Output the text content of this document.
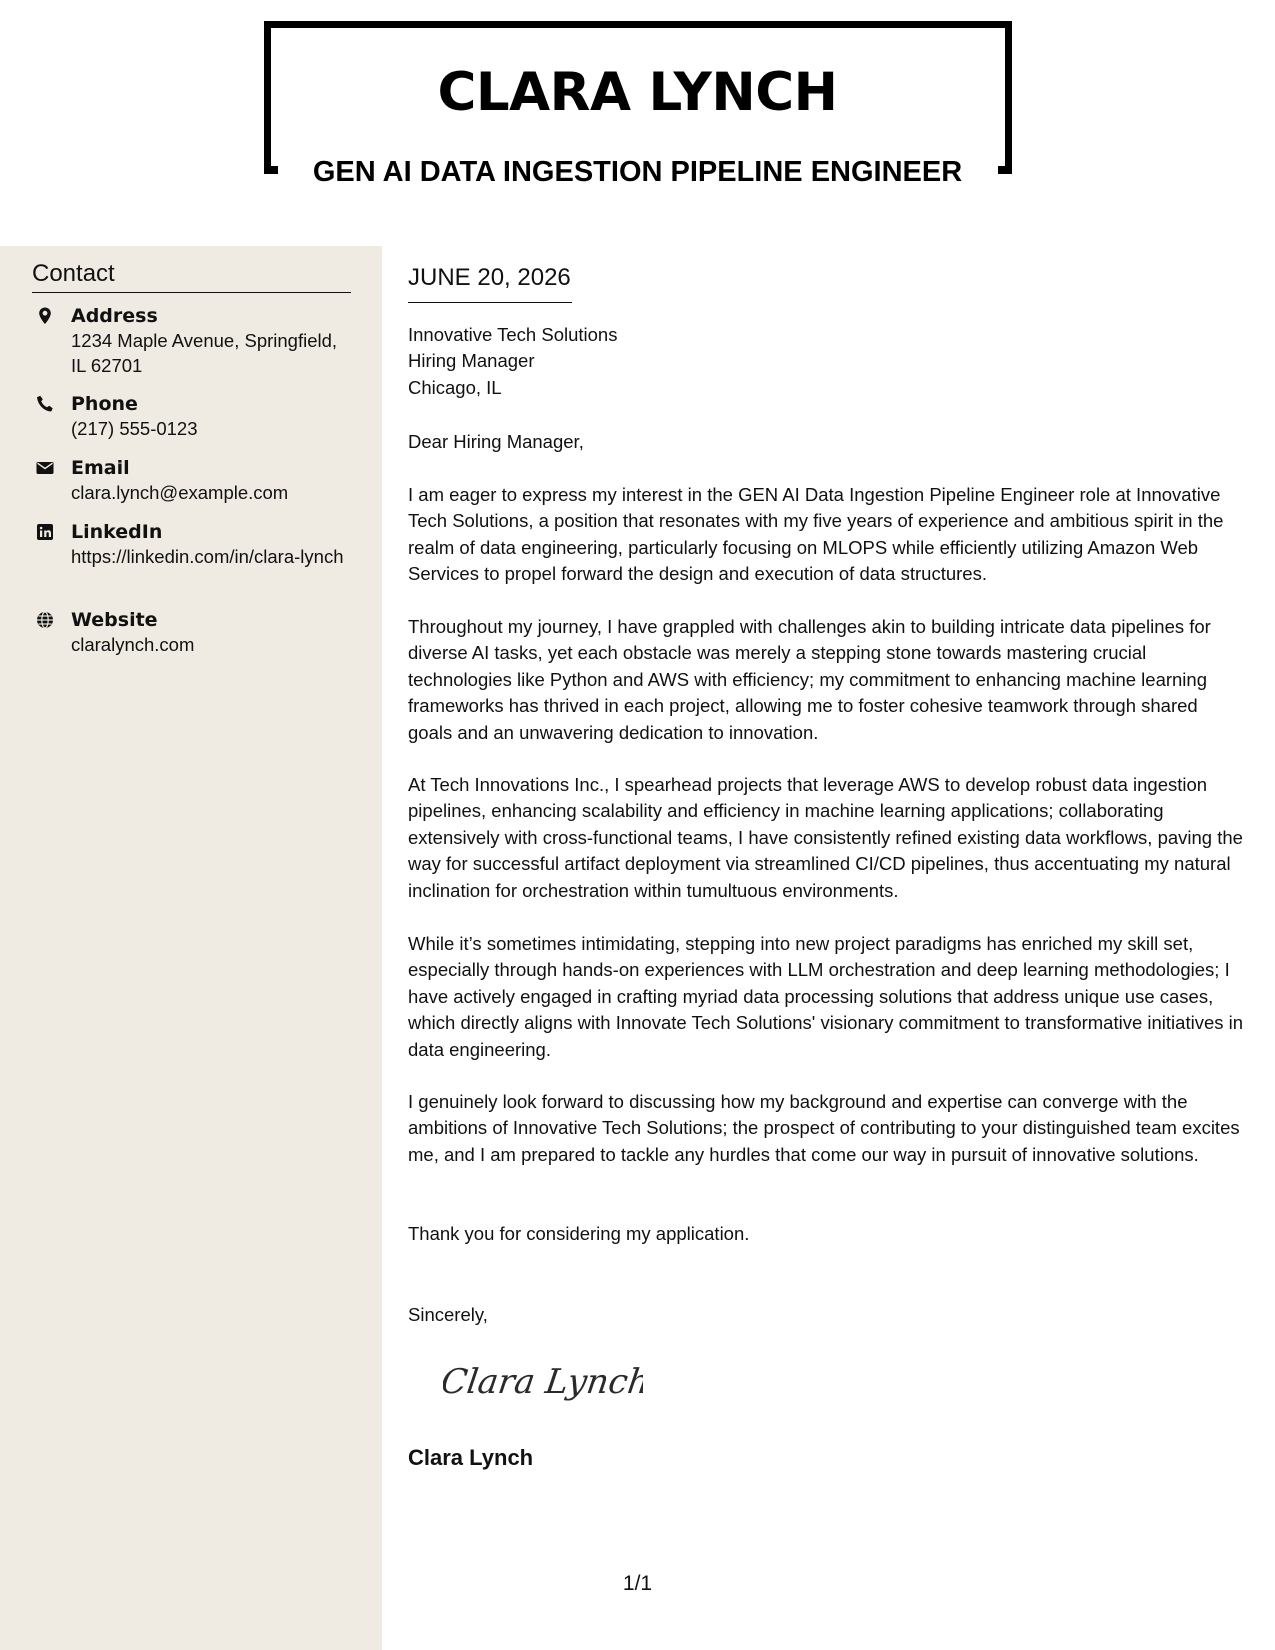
CLARA LYNCH
GEN AI DATA INGESTION PIPELINE ENGINEER
Contact
Address
1234 Maple Avenue, Springfield, IL 62701
Phone
(217) 555-0123
Email
clara.lynch@example.com
LinkedIn
https://linkedin.com/in/clara-lynch
Website
claralynch.com
JUNE 20, 2026
Innovative Tech Solutions
Hiring Manager
Chicago, IL
Dear Hiring Manager,
I am eager to express my interest in the GEN AI Data Ingestion Pipeline Engineer role at Innovative Tech Solutions, a position that resonates with my five years of experience and ambitious spirit in the realm of data engineering, particularly focusing on MLOPS while efficiently utilizing Amazon Web Services to propel forward the design and execution of data structures.
Throughout my journey, I have grappled with challenges akin to building intricate data pipelines for diverse AI tasks, yet each obstacle was merely a stepping stone towards mastering crucial technologies like Python and AWS with efficiency; my commitment to enhancing machine learning frameworks has thrived in each project, allowing me to foster cohesive teamwork through shared goals and an unwavering dedication to innovation.
At Tech Innovations Inc., I spearhead projects that leverage AWS to develop robust data ingestion pipelines, enhancing scalability and efficiency in machine learning applications; collaborating extensively with cross-functional teams, I have consistently refined existing data workflows, paving the way for successful artifact deployment via streamlined CI/CD pipelines, thus accentuating my natural inclination for orchestration within tumultuous environments.
While it’s sometimes intimidating, stepping into new project paradigms has enriched my skill set, especially through hands-on experiences with LLM orchestration and deep learning methodologies; I have actively engaged in crafting myriad data processing solutions that address unique use cases, which directly aligns with Innovate Tech Solutions' visionary commitment to transformative initiatives in data engineering.
I genuinely look forward to discussing how my background and expertise can converge with the ambitions of Innovative Tech Solutions; the prospect of contributing to your distinguished team excites me, and I am prepared to tackle any hurdles that come our way in pursuit of innovative solutions.
Thank you for considering my application.
Sincerely,
Clara Lynch
Clara Lynch
1/1
